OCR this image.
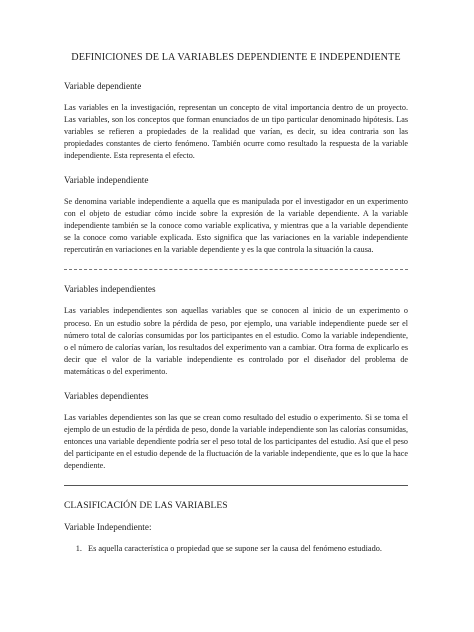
DEFINICIONES DE LA VARIABLES DEPENDIENTE E INDEPENDIENTE
Variable dependiente

Las variables en la investigación, representan un concepto de vital importancia dentro de un proyecto. Las variables, son los conceptos que forman enunciados de un tipo particular denominado hipótesis. Las variables se refieren a propiedades de la realidad que varían, es decir, su idea contraria son las propiedades constantes de cierto fenómeno. También ocurre como resultado la respuesta de la variable independiente. Esta representa el efecto.

Variable independiente

Se denomina variable independiente a aquella que es manipulada por el investigador en un experimento con el objeto de estudiar cómo incide sobre la expresión de la variable dependiente. A la variable independiente también se la conoce como variable explicativa, y mientras que a la variable dependiente se la conoce como variable explicada. Esto significa que las variaciones en la variable independiente repercutirán en variaciones en la variable dependiente y es la que controla la situación la causa.

Variables independientes

Las variables independientes son aquellas variables que se conocen al inicio de un experimento o proceso. En un estudio sobre la pérdida de peso, por ejemplo, una variable independiente puede ser el número total de calorías consumidas por los participantes en el estudio. Como la variable independiente, o el número de calorías varían, los resultados del experimento van a cambiar. Otra forma de explicarlo es decir que el valor de la variable independiente es controlado por el diseñador del problema de matemáticas o del experimento.

Variables dependientes

Las variables dependientes son las que se crean como resultado del estudio o experimento. Si se toma el ejemplo de un estudio de la pérdida de peso, donde la variable independiente son las calorías consumidas, entonces una variable dependiente podría ser el peso total de los participantes del estudio. Así que el peso del participante en el estudio depende de la fluctuación de la variable independiente, que es lo que la hace dependiente.

CLASIFICACIÓN DE LAS VARIABLES
Variable Independiente:
1. Es aquella característica o propiedad que se supone ser la causa del fenómeno estudiado.
